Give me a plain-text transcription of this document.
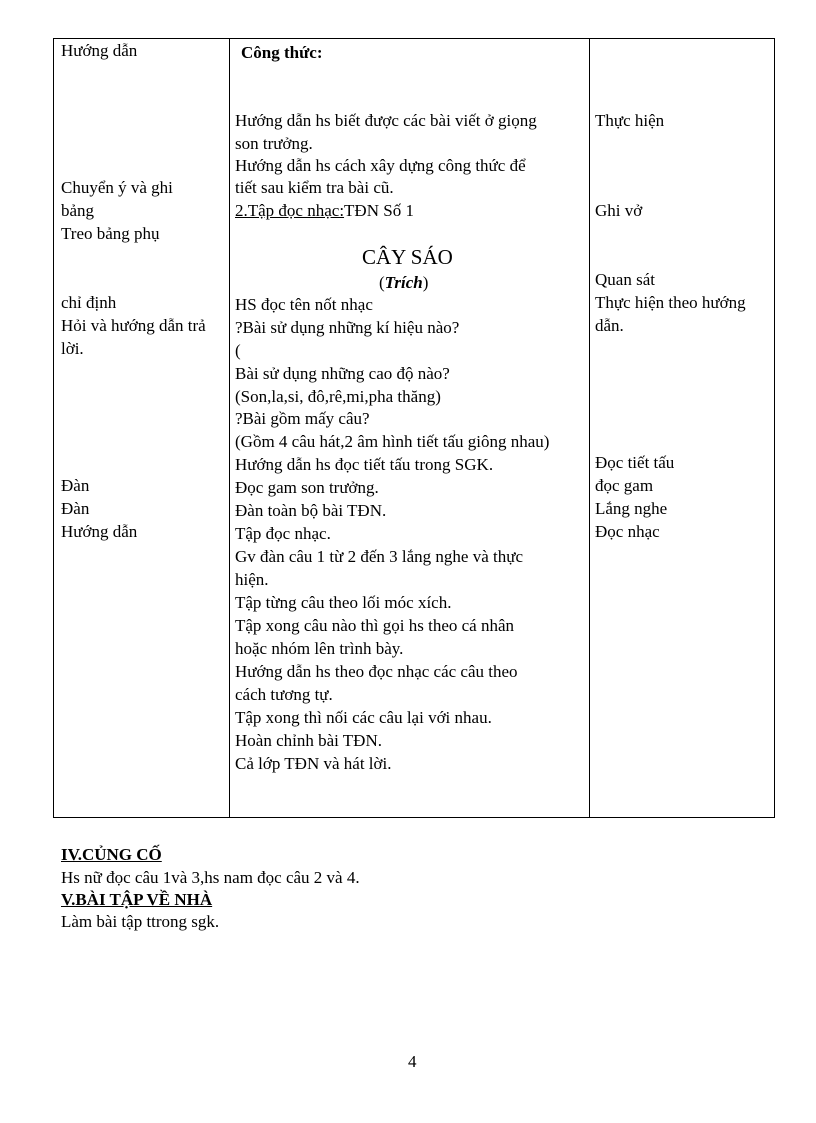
Hướng dẫn
Chuyển ý và ghi
bảng
Treo bảng phụ
chỉ định
Hỏi và hướng dẫn trả
lời.
Đàn
Đàn
Hướng dẫn
Công thức:
Hướng dẫn hs biết được các bài viết ở giọng
son trưởng.
Hướng dẫn hs cách xây dựng công thức để
tiết sau kiểm tra bài cũ.
2.Tập đọc nhạc:TĐN Số 1
CÂY SÁO
(Trích)
HS đọc tên nốt nhạc
?Bài sử dụng những kí hiệu nào?
(
Bài sử dụng những cao độ nào?
(Son,la,si, đô,rê,mi,pha thăng)
?Bài gồm mấy câu?
(Gồm 4 câu hát,2 âm hình tiết tấu giông nhau)
Hướng dẫn hs đọc tiết tấu trong SGK.
Đọc gam son trưởng.
Đàn toàn bộ bài TĐN.
Tập đọc nhạc.
Gv đàn câu 1 từ 2 đến 3 lắng nghe và thực
hiện.
Tập từng câu theo lối móc xích.
Tập xong câu nào thì gọi hs theo cá nhân
hoặc nhóm lên trình bày.
Hướng dẫn hs theo đọc nhạc các câu theo
cách tương tự.
Tập xong thì nối các câu lại với nhau.
Hoàn chỉnh bài TĐN.
Cả lớp TĐN và hát lời.
Thực hiện
Ghi vở
Quan sát
Thực hiện theo hướng
dẫn.
Đọc tiết tấu
đọc gam
Lắng nghe
Đọc nhạc
IV.CỦNG CỐ
Hs nữ đọc câu 1và 3,hs nam đọc câu 2 và 4.
V.BÀI TẬP VỀ NHÀ
Làm bài tập ttrong sgk.
4
